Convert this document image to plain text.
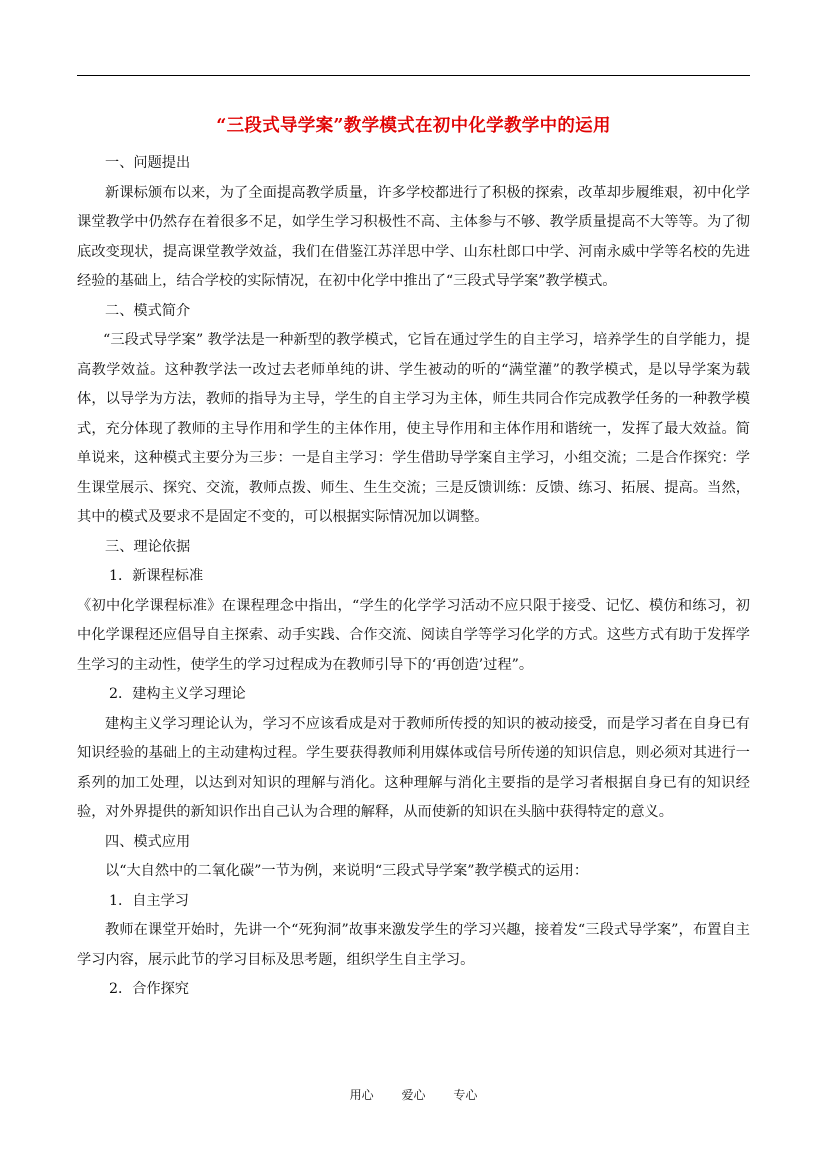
“三段式导学案”教学模式在初中化学教学中的运用

一、问题提出

新课标颁布以来，为了全面提高教学质量，许多学校都进行了积极的探索，改革却步履维艰，初中化学课堂教学中仍然存在着很多不足，如学生学习积极性不高、主体参与不够、教学质量提高不大等等。为了彻底改变现状，提高课堂教学效益，我们在借鉴江苏洋思中学、山东杜郎口中学、河南永威中学等名校的先进经验的基础上，结合学校的实际情况，在初中化学中推出了“三段式导学案”教学模式。

二、模式简介

“三段式导学案” 教学法是一种新型的教学模式，它旨在通过学生的自主学习，培养学生的自学能力，提高教学效益。这种教学法一改过去老师单纯的讲、学生被动的听的“满堂灌”的教学模式，是以导学案为载体，以导学为方法，教师的指导为主导，学生的自主学习为主体，师生共同合作完成教学任务的一种教学模式，充分体现了教师的主导作用和学生的主体作用，使主导作用和主体作用和谐统一，发挥了最大效益。简单说来，这种模式主要分为三步：一是自主学习：学生借助导学案自主学习，小组交流；二是合作探究：学生课堂展示、探究、交流，教师点拨、师生、生生交流；三是反馈训练：反馈、练习、拓展、提高。当然，其中的模式及要求不是固定不变的，可以根据实际情况加以调整。

三、理论依据

1．新课程标准

《初中化学课程标准》在课程理念中指出，“学生的化学学习活动不应只限于接受、记忆、模仿和练习，初中化学课程还应倡导自主探索、动手实践、合作交流、阅读自学等学习化学的方式。这些方式有助于发挥学生学习的主动性，使学生的学习过程成为在教师引导下的‘再创造’过程”。

2．建构主义学习理论

建构主义学习理论认为，学习不应该看成是对于教师所传授的知识的被动接受，而是学习者在自身已有知识经验的基础上的主动建构过程。学生要获得教师利用媒体或信号所传递的知识信息，则必须对其进行一系列的加工处理，以达到对知识的理解与消化。这种理解与消化主要指的是学习者根据自身已有的知识经验，对外界提供的新知识作出自己认为合理的解释，从而使新的知识在头脑中获得特定的意义。

四、模式应用

以“大自然中的二氧化碳”一节为例，来说明“三段式导学案”教学模式的运用：

1．自主学习

教师在课堂开始时，先讲一个“死狗洞”故事来激发学生的学习兴趣，接着发“三段式导学案”，布置自主学习内容，展示此节的学习目标及思考题，组织学生自主学习。

2．合作探究

用心 爱心 专心
